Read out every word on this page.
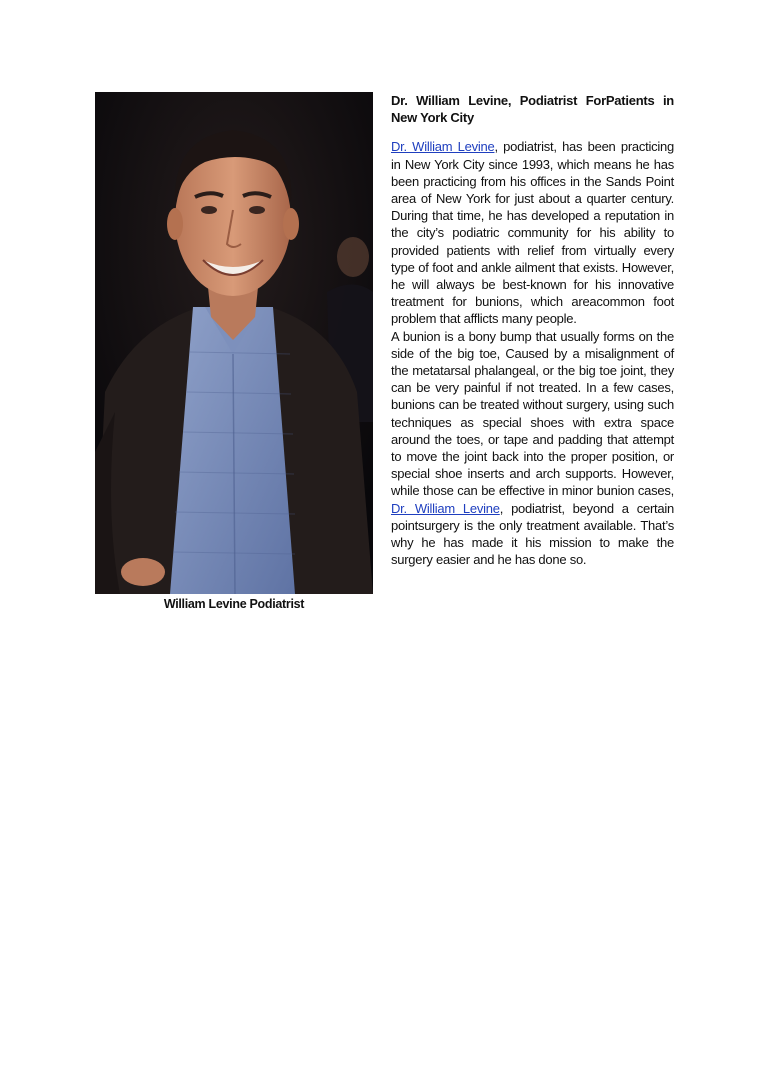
William Levine Podiatrist
Dr. William Levine, Podiatrist ForPatients in New York City

Dr. William Levine, podiatrist, has been practicing in New York City since 1993, which means he has been practicing from his offices in the Sands Point area of New York for just about a quarter century. During that time, he has developed a reputation in the city’s podiatric community for his ability to provided patients with relief from virtually every type of foot and ankle ailment that exists. However, he will always be best-known for his innovative treatment for bunions, which areacommon foot problem that afflicts many people.

A bunion is a bony bump that usually forms on the side of the big toe, Caused by a misalignment of the metatarsal phalangeal, or the big toe joint, they can be very painful if not treated. In a few cases, bunions can be treated without surgery, using such techniques as special shoes with extra space around the toes, or tape and padding that attempt to move the joint back into the proper position, or special shoe inserts and arch supports. However, while those can be effective in minor bunion cases, Dr. William Levine, podiatrist, beyond a certain pointsurgery is the only treatment available. That’s why he has made it his mission to make the surgery easier and he has done so.
